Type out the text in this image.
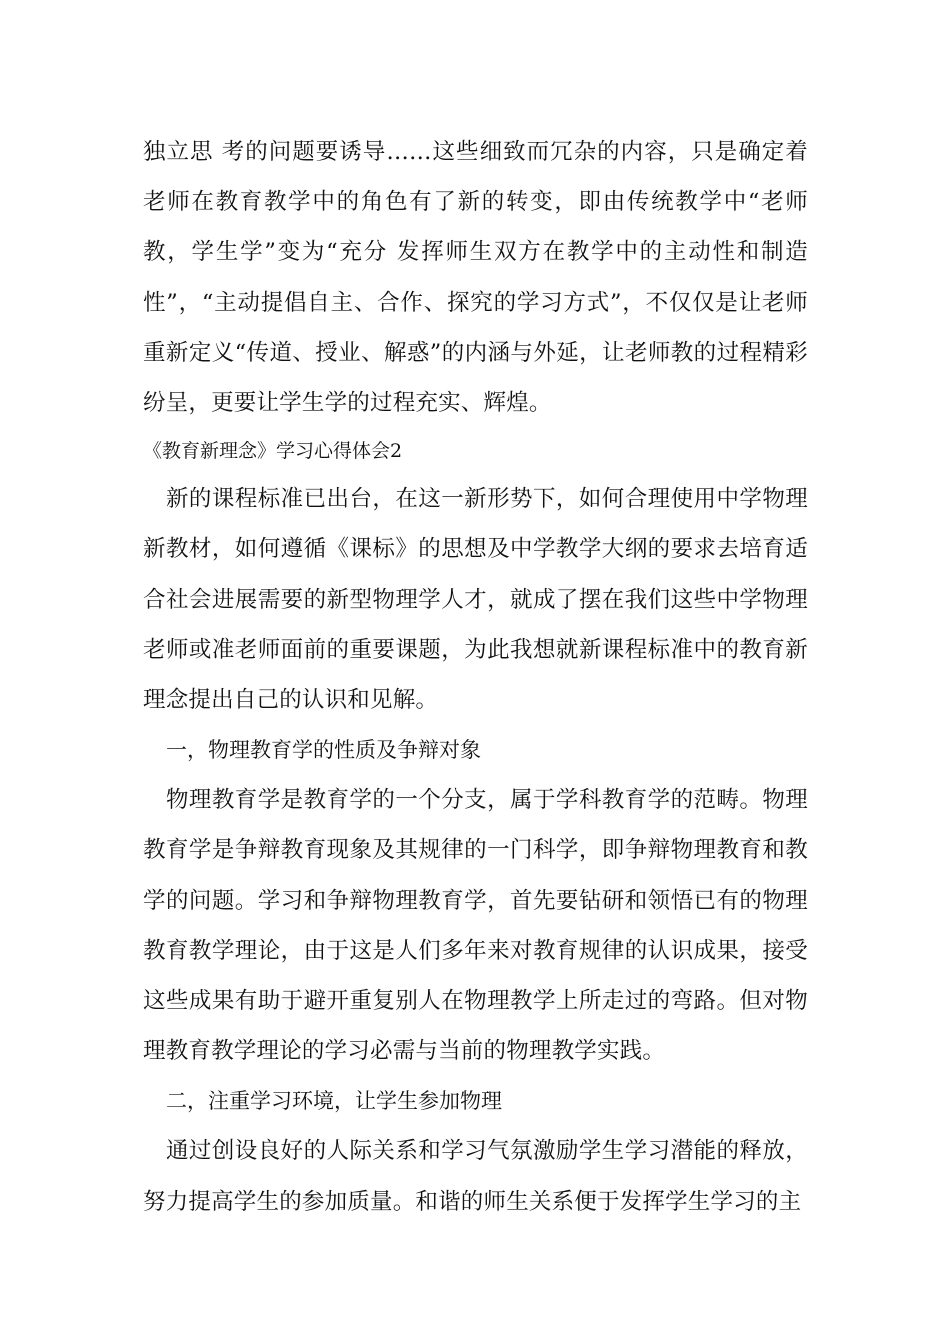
独立思 考的问题要诱导……这些细致而冗杂的内容，只是确定着老师在教育教学中的角色有了新的转变，即由传统教学中“老师教，学生学”变为“充分 发挥师生双方在教学中的主动性和制造性”，“主动提倡自主、合作、探究的学习方式”，不仅仅是让老师重新定义“传道、授业、解惑”的内涵与外延，让老师教的过程精彩纷呈，更要让学生学的过程充实、辉煌。

《教育新理念》学习心得体会2

新的课程标准已出台，在这一新形势下，如何合理使用中学物理新教材，如何遵循《课标》的思想及中学教学大纲的要求去培育适合社会进展需要的新型物理学人才，就成了摆在我们这些中学物理老师或准老师面前的重要课题，为此我想就新课程标准中的教育新理念提出自己的认识和见解。

一，物理教育学的性质及争辩对象

物理教育学是教育学的一个分支，属于学科教育学的范畴。物理教育学是争辩教育现象及其规律的一门科学，即争辩物理教育和教学的问题。学习和争辩物理教育学，首先要钻研和领悟已有的物理教育教学理论，由于这是人们多年来对教育规律的认识成果，接受这些成果有助于避开重复别人在物理教学上所走过的弯路。但对物理教育教学理论的学习必需与当前的物理教学实践。

二，注重学习环境，让学生参加物理

通过创设良好的人际关系和学习气氛激励学生学习潜能的释放，努力提高学生的参加质量。和谐的师生关系便于发挥学生学习的主
